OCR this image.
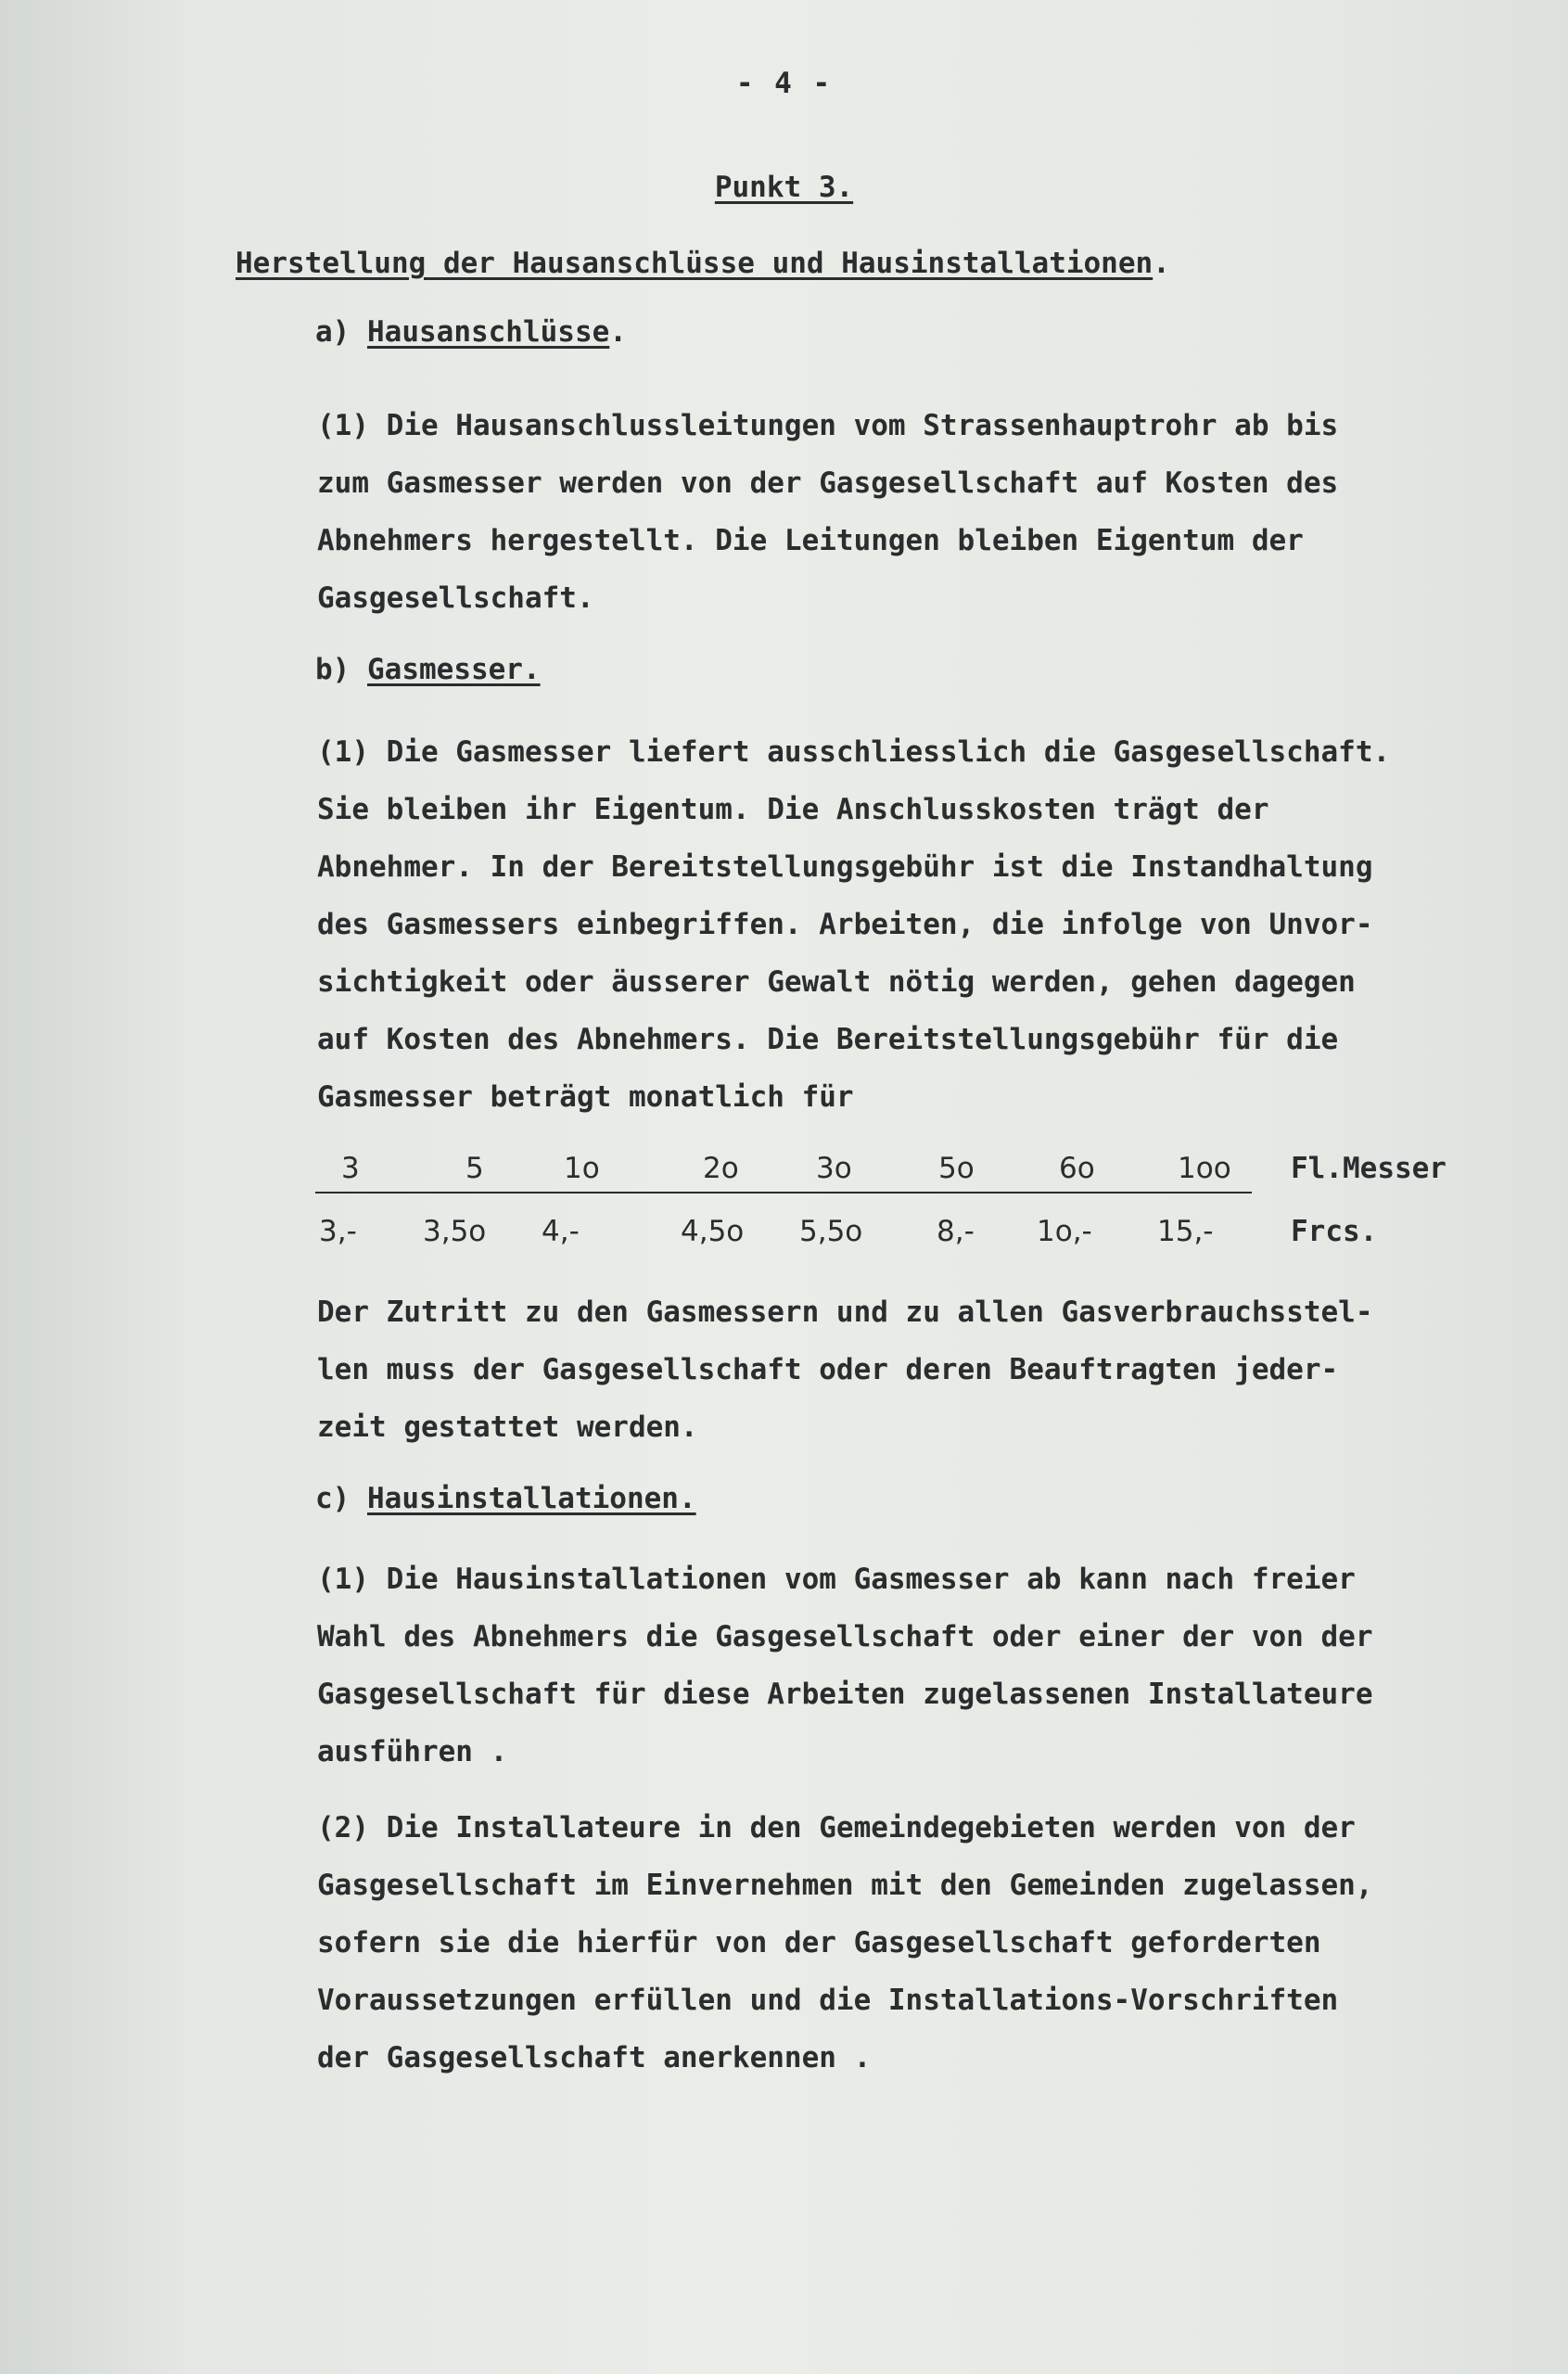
- 4 -
Punkt 3.
Herstellung der Hausanschlüsse und Hausinstallationen.
a) Hausanschlüsse.

(1) Die Hausanschlussleitungen vom Strassenhauptrohr ab bis
zum Gasmesser werden von der Gasgesellschaft auf Kosten des
Abnehmers hergestellt. Die Leitungen bleiben Eigentum der
Gasgesellschaft.

b) Gasmesser.

(1) Die Gasmesser liefert ausschliesslich die Gasgesellschaft.
Sie bleiben ihr Eigentum. Die Anschlusskosten trägt der
Abnehmer. In der Bereitstellungsgebühr ist die Instandhaltung
des Gasmessers einbegriffen. Arbeiten, die infolge von Unvor-
sichtigkeit oder äusserer Gewalt nötig werden, gehen dagegen
auf Kosten des Abnehmers. Die Bereitstellungsgebühr für die
Gasmesser beträgt monatlich für

3	5	1o	2o	3o	5o	6o	1oo Fl.Messer
3,- 3,5o 4,-	4,5o 5,5o	8,- 1o,- 15,-	Frcs.

Der Zutritt zu den Gasmessern und zu allen Gasverbrauchsstel-
len muss der Gasgesellschaft oder deren Beauftragten jeder-
zeit gestattet werden.

c) Hausinstallationen.

(1) Die Hausinstallationen vom Gasmesser ab kann nach freier
Wahl des Abnehmers die Gasgesellschaft oder einer der von der
Gasgesellschaft für diese Arbeiten zugelassenen Installateure
ausführen .

(2) Die Installateure in den Gemeindegebieten werden von der
Gasgesellschaft im Einvernehmen mit den Gemeinden zugelassen,
sofern sie die hierfür von der Gasgesellschaft geforderten
Voraussetzungen erfüllen und die Installations-Vorschriften
der Gasgesellschaft anerkennen .
